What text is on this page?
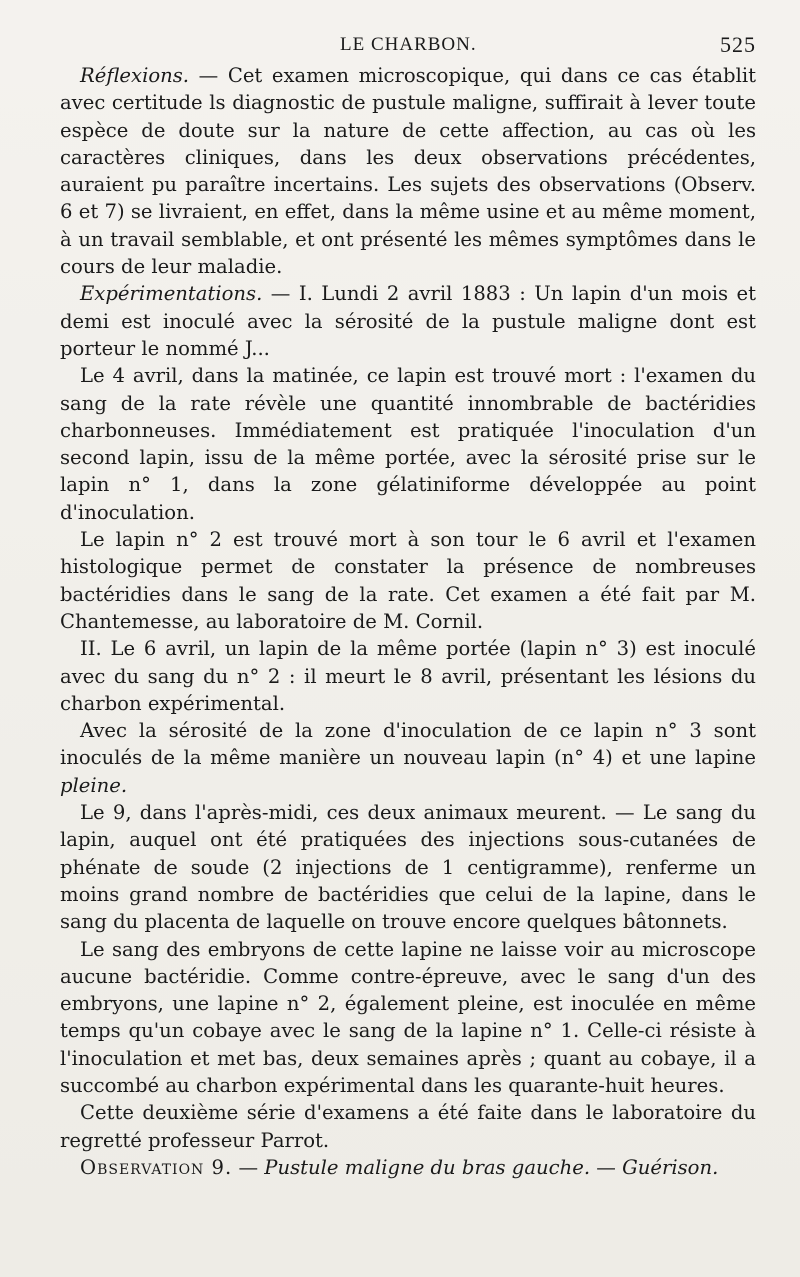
LE CHARBON.	525

Réflexions. — Cet examen microscopique, qui dans ce cas établit avec certitude ls diagnostic de pustule maligne, suffirait à lever toute espèce de doute sur la nature de cette affection, au cas où les caractères cliniques, dans les deux observations précédentes, auraient pu paraître incertains. Les sujets des observations (Observ. 6 et 7) se livraient, en effet, dans la même usine et au même moment, à un travail semblable, et ont présenté les mêmes symptômes dans le cours de leur maladie.

Expérimentations. — I. Lundi 2 avril 1883 : Un lapin d'un mois et demi est inoculé avec la sérosité de la pustule maligne dont est porteur le nommé J...

Le 4 avril, dans la matinée, ce lapin est trouvé mort : l'examen du sang de la rate révèle une quantité innombrable de bactéridies charbonneuses. Immédiatement est pratiquée l'inoculation d'un second lapin, issu de la même portée, avec la sérosité prise sur le lapin n° 1, dans la zone gélatiniforme développée au point d'inoculation.

Le lapin n° 2 est trouvé mort à son tour le 6 avril et l'examen histologique permet de constater la présence de nombreuses bactéridies dans le sang de la rate. Cet examen a été fait par M. Chantemesse, au laboratoire de M. Cornil.

II. Le 6 avril, un lapin de la même portée (lapin n° 3) est inoculé avec du sang du n° 2 : il meurt le 8 avril, présentant les lésions du charbon expérimental.

Avec la sérosité de la zone d'inoculation de ce lapin n° 3 sont inoculés de la même manière un nouveau lapin (n° 4) et une lapine pleine.

Le 9, dans l'après-midi, ces deux animaux meurent. — Le sang du lapin, auquel ont été pratiquées des injections sous-cutanées de phénate de soude (2 injections de 1 centigramme), renferme un moins grand nombre de bactéridies que celui de la lapine, dans le sang du placenta de laquelle on trouve encore quelques bâtonnets.

Le sang des embryons de cette lapine ne laisse voir au microscope aucune bactéridie. Comme contre-épreuve, avec le sang d'un des embryons, une lapine n° 2, également pleine, est inoculée en même temps qu'un cobaye avec le sang de la lapine n° 1. Celle-ci résiste à l'inoculation et met bas, deux semaines après ; quant au cobaye, il a succombé au charbon expérimental dans les quarante-huit heures.

Cette deuxième série d'examens a été faite dans le laboratoire du regretté professeur Parrot.

Observation 9. — Pustule maligne du bras gauche. — Guérison.
